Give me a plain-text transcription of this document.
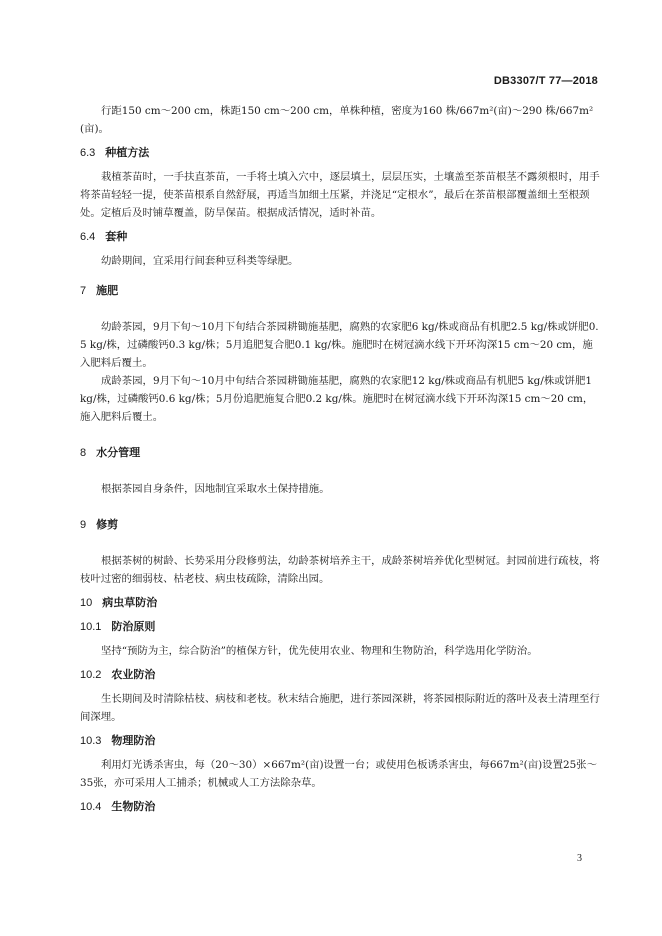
DB3307/T 77—2018

行距150 cm～200 cm，株距150 cm～200 cm，单株种植，密度为160 株/667m²(亩)～290 株/667m²(亩)。

6.3 种植方法

栽植茶苗时，一手扶直茶苗，一手将土填入穴中，逐层填土，层层压实，土壤盖至茶苗根茎不露须根时，用手将茶苗轻轻一提，使茶苗根系自然舒展，再适当加细土压紧，并浇足“定根水”，最后在茶苗根部覆盖细土至根颈处。定植后及时铺草覆盖，防旱保苗。根据成活情况，适时补苗。

6.4 套种

幼龄期间，宜采用行间套种豆科类等绿肥。

7 施肥

幼龄茶园，9月下旬～10月下旬结合茶园耕锄施基肥，腐熟的农家肥6 kg/株或商品有机肥2.5 kg/株或饼肥0.5 kg/株，过磷酸钙0.3 kg/株；5月追肥复合肥0.1 kg/株。施肥时在树冠滴水线下开环沟深15 cm～20 cm，施入肥料后覆土。

成龄茶园，9月下旬～10月中旬结合茶园耕锄施基肥，腐熟的农家肥12 kg/株或商品有机肥5 kg/株或饼肥1 kg/株，过磷酸钙0.6 kg/株；5月份追肥施复合肥0.2 kg/株。施肥时在树冠滴水线下开环沟深15 cm～20 cm，施入肥料后覆土。

8 水分管理

根据茶园自身条件，因地制宜采取水土保持措施。

9 修剪

根据茶树的树龄、长势采用分段修剪法，幼龄茶树培养主干，成龄茶树培养优化型树冠。封园前进行疏枝，将枝叶过密的细弱枝、枯老枝、病虫枝疏除，清除出园。

10 病虫草防治
10.1 防治原则

坚持“预防为主，综合防治”的植保方针，优先使用农业、物理和生物防治，科学选用化学防治。

10.2 农业防治

生长期间及时清除枯枝、病枝和老枝。秋末结合施肥，进行茶园深耕，将茶园根际附近的落叶及表土清理至行间深埋。

10.3 物理防治

利用灯光诱杀害虫，每（20～30）×667m²(亩)设置一台；或使用色板诱杀害虫，每667m²(亩)设置25张～35张，亦可采用人工捕杀；机械或人工方法除杂草。

10.4 生物防治
3
